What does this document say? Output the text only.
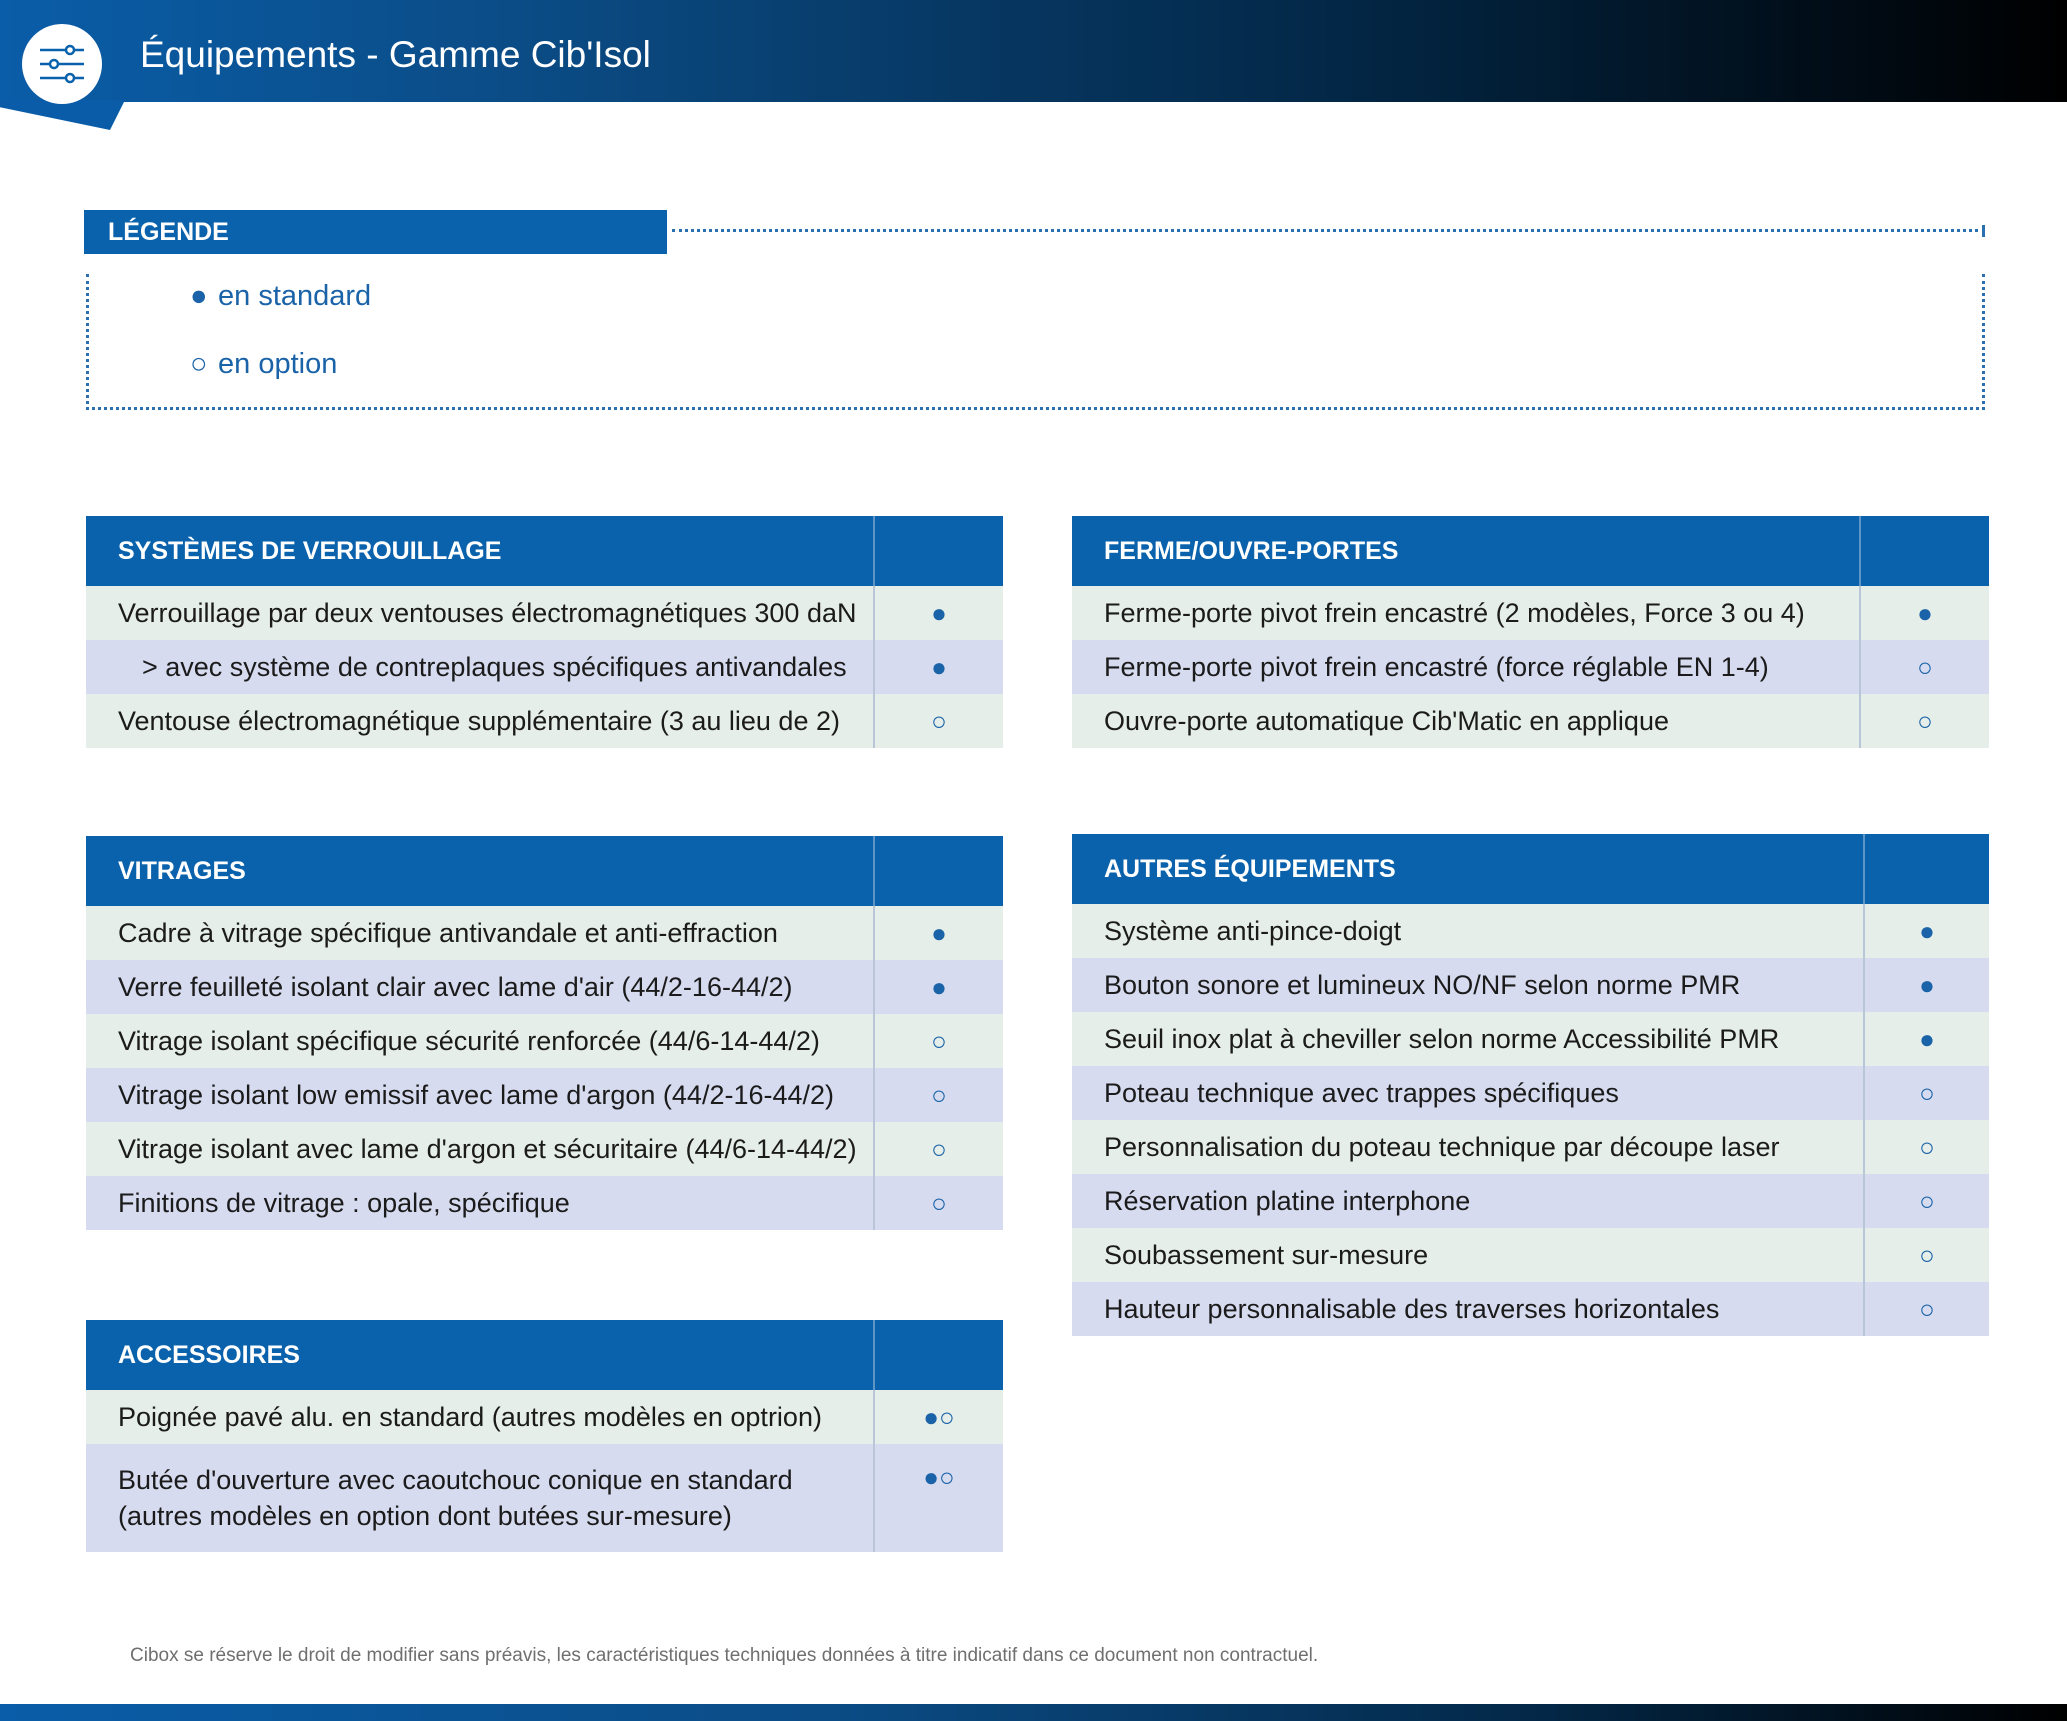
Équipements - Gamme Cib'Isol
LÉGENDE
● en standard
○ en option
SYSTÈMES DE VERROUILLAGE	
Verrouillage par deux ventouses électromagnétiques 300 daN	●
> avec système de contreplaques spécifiques antivandales	●
Ventouse électromagnétique supplémentaire (3 au lieu de 2)	○
VITRAGES	
Cadre à vitrage spécifique antivandale et anti-effraction	●
Verre feuilleté isolant clair avec lame d'air (44/2-16-44/2)	●
Vitrage isolant spécifique sécurité renforcée (44/6-14-44/2)	○
Vitrage isolant low emissif avec lame d'argon (44/2-16-44/2)	○
Vitrage isolant avec lame d'argon et sécuritaire (44/6-14-44/2)	○
Finitions de vitrage : opale, spécifique	○
ACCESSOIRES	
Poignée pavé alu. en standard (autres modèles en optrion)	●○
Butée d'ouverture avec caoutchouc conique en standard
(autres modèles en option dont butées sur-mesure)	●○
FERME/OUVRE-PORTES	
Ferme-porte pivot frein encastré (2 modèles, Force 3 ou 4)	●
Ferme-porte pivot frein encastré (force réglable EN 1-4)	○
Ouvre-porte automatique Cib'Matic en applique	○
AUTRES ÉQUIPEMENTS	
Système anti-pince-doigt	●
Bouton sonore et lumineux NO/NF selon norme PMR	●
Seuil inox plat à cheviller selon norme Accessibilité PMR	●
Poteau technique avec trappes spécifiques	○
Personnalisation du poteau technique par découpe laser	○
Réservation platine interphone	○
Soubassement sur-mesure	○
Hauteur personnalisable des traverses horizontales	○
Cibox se réserve le droit de modifier sans préavis, les caractéristiques techniques données à titre indicatif dans ce document non contractuel.
